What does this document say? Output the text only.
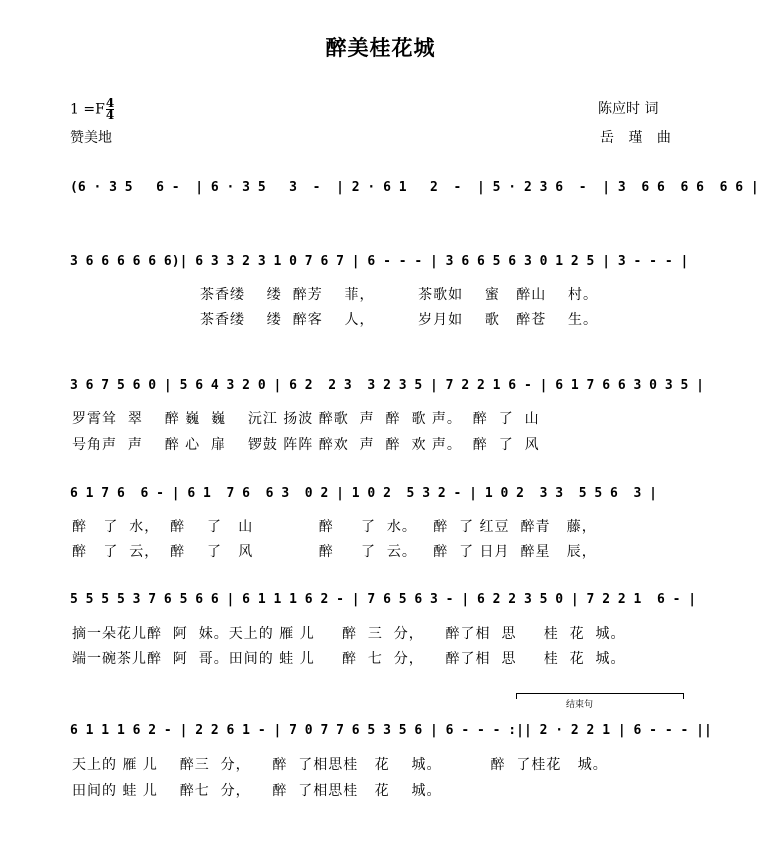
醉美桂花城
$1 =F \frac{4}{4}$
赞美地
陈应时 词
岳 瑾 曲
(6 · 3 5   6 -  | 6 · 3 5   3  -  | 2 · 6 1   2  -  | 5 · 2 3 6  -  | 3  6 6  6 6  6 6 |
3 6 6 6 6 6 6)| 6 3 3 2 3 1 0 7 6 7 | 6 - - - | 3 6 6 5 6 3 0 1 2 5 | 3 - - - |
茶香缕    缕  醉芳    菲，        茶歌如    蜜   醉山    村。
茶香缕    缕  醉客    人，        岁月如    歌   醉苍    生。
3 6 7 5 6 0 | 5 6 4 3 2 0 | 6 2  2 3  3 2 3 5 | 7 2 2 1 6 - | 6 1 7 6 6 3 0 3 5 |
罗霄耸  翠    醉 巍  巍    沅江 扬波 醉歌  声  醉  歌 声。  醉  了  山
号角声  声    醉 心  扉    锣鼓 阵阵 醉欢  声  醉  欢 声。  醉  了  风
6 1 7 6  6 - | 6 1  7 6  6 3  0 2 | 1 0 2  5 3 2 - | 1 0 2  3 3  5 5 6  3 |
醉   了  水，  醉    了   山            醉     了  水。   醉  了 红豆  醉青   藤，
醉   了  云，  醉    了   风            醉     了  云。   醉  了 日月  醉星   辰，
5 5 5 5 3 7 6 5 6 6 | 6 1 1 1 6 2 - | 7 6 5 6 3 - | 6 2 2 3 5 0 | 7 2 2 1  6 - |
摘一朵花儿醉  阿  妹。天上的 雁 儿     醉  三  分，    醉了相  思     桂  花  城。
端一碗茶儿醉  阿  哥。田间的 蛙 儿     醉  七  分，    醉了相  思     桂  花  城。
结束句
6 1 1 1 6 2 - | 2 2 6 1 - | 7 0 7 7 6 5 3 5 6 | 6 - - - :|| 2 · 2 2 1 | 6 - - - ||
天上的 雁 儿    醉三  分，    醉  了相思桂   花    城。         醉  了桂花   城。
田间的 蛙 儿    醉七  分，    醉  了相思桂   花    城。
